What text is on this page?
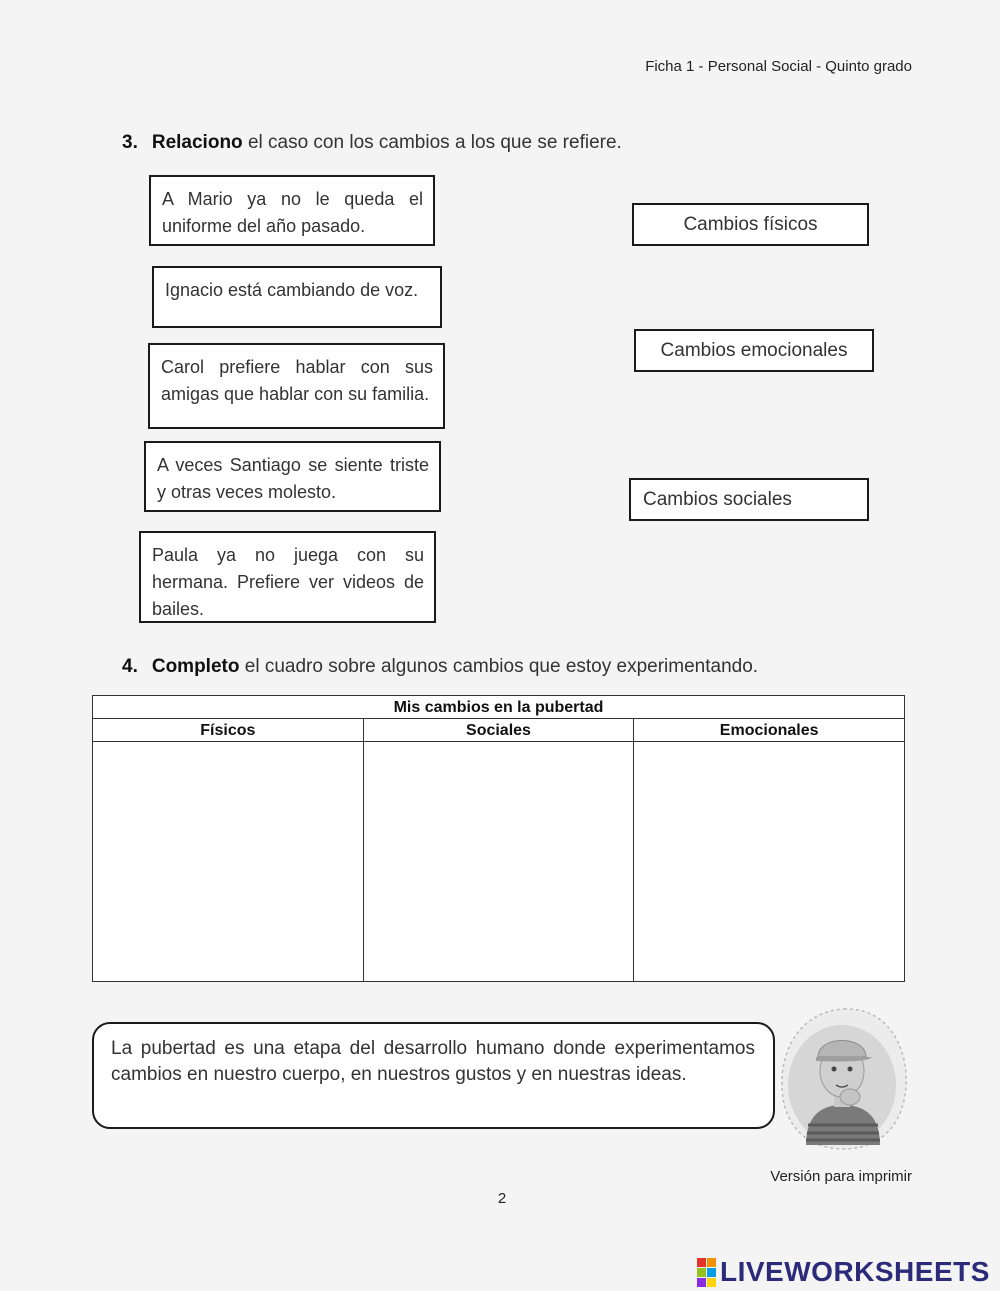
Ficha 1 - Personal Social - Quinto grado
3. Relaciono el caso con los cambios a los que se refiere.
A Mario ya no le queda el uniforme del año pasado.
Ignacio está cambiando de voz.
Carol prefiere hablar con sus amigas que hablar con su familia.
A veces Santiago se siente triste y otras veces molesto.
Paula ya no juega con su hermana. Prefiere ver videos de bailes.
Cambios físicos
Cambios emocionales
Cambios sociales
4. Completo el cuadro sobre algunos cambios que estoy experimentando.
Mis cambios en la pubertad		
Físicos	Sociales	Emocionales

La pubertad es una etapa del desarrollo humano donde experimentamos cambios en nuestro cuerpo, en nuestros gustos y en nuestras ideas.
Versión para imprimir
2
LIVEWORKSHEETS
